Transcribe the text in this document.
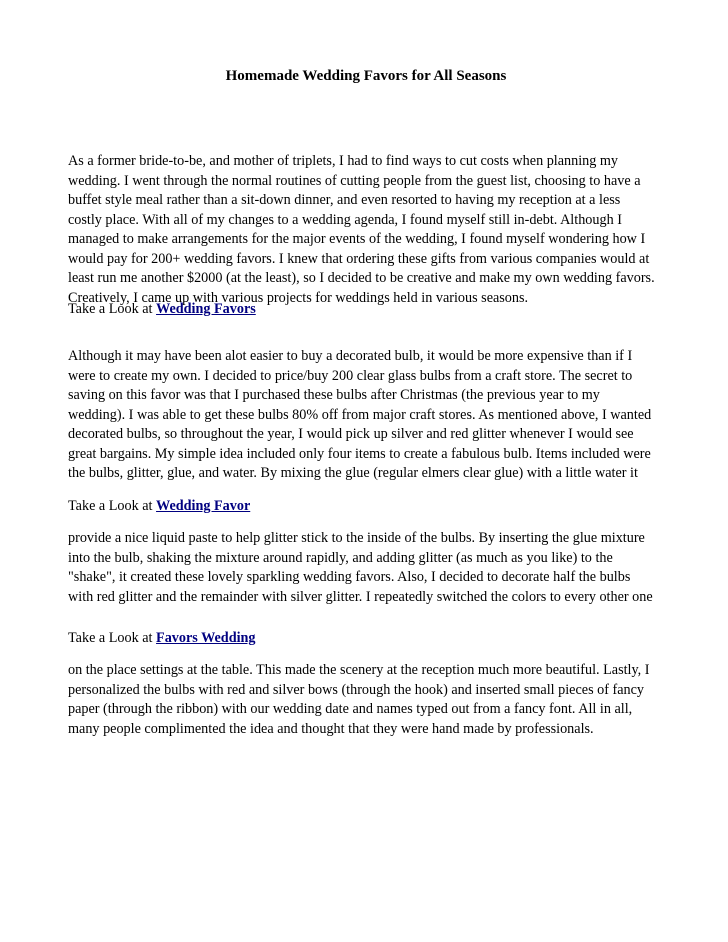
Homemade Wedding Favors for All Seasons

As a former bride-to-be, and mother of triplets, I had to find ways to cut costs when planning my
wedding. I went through the normal routines of cutting people from the guest list, choosing to have a
buffet style meal rather than a sit-down dinner, and even resorted to having my reception at a less
costly place. With all of my changes to a wedding agenda, I found myself still in-debt. Although I
managed to make arrangements for the major events of the wedding, I found myself wondering how I
would pay for 200+ wedding favors. I knew that ordering these gifts from various companies would at
least run me another $2000 (at the least), so I decided to be creative and make my own wedding favors.
Creatively, I came up with various projects for weddings held in various seasons.

Take a Look at Wedding Favors

Although it may have been alot easier to buy a decorated bulb, it would be more expensive than if I
were to create my own. I decided to price/buy 200 clear glass bulbs from a craft store. The secret to
saving on this favor was that I purchased these bulbs after Christmas (the previous year to my
wedding). I was able to get these bulbs 80% off from major craft stores. As mentioned above, I wanted
decorated bulbs, so throughout the year, I would pick up silver and red glitter whenever I would see
great bargains. My simple idea included only four items to create a fabulous bulb. Items included were
the bulbs, glitter, glue, and water. By mixing the glue (regular elmers clear glue) with a little water it

Take a Look at Wedding Favor

provide a nice liquid paste to help glitter stick to the inside of the bulbs. By inserting the glue mixture
into the bulb, shaking the mixture around rapidly, and adding glitter (as much as you like) to the
"shake", it created these lovely sparkling wedding favors. Also, I decided to decorate half the bulbs
with red glitter and the remainder with silver glitter. I repeatedly switched the colors to every other one

Take a Look at Favors Wedding

on the place settings at the table. This made the scenery at the reception much more beautiful. Lastly, I
personalized the bulbs with red and silver bows (through the hook) and inserted small pieces of fancy
paper (through the ribbon) with our wedding date and names typed out from a fancy font. All in all,
many people complimented the idea and thought that they were hand made by professionals.
